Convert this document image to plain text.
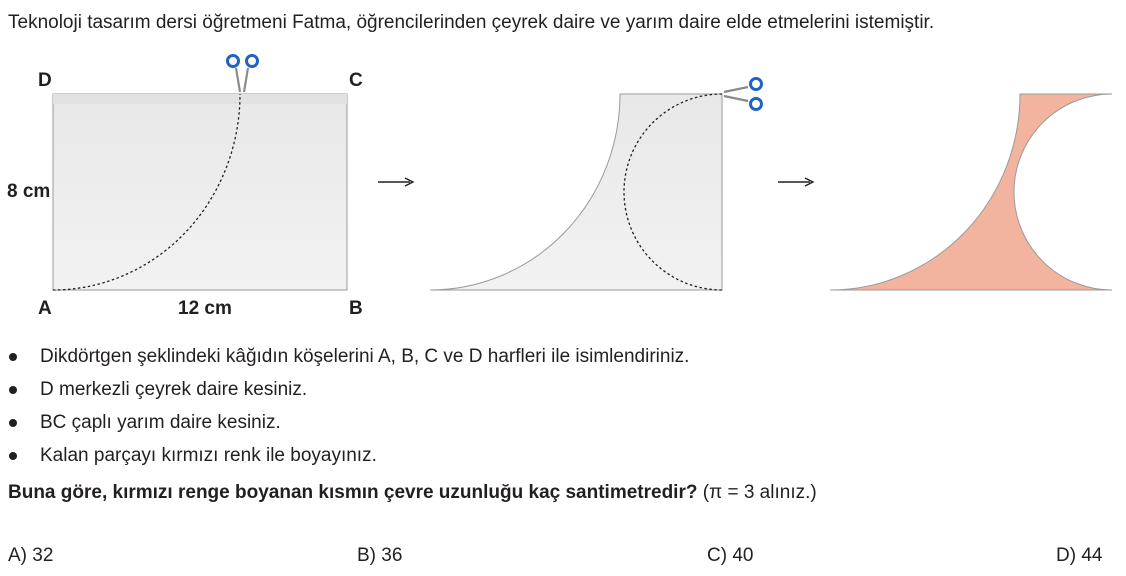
Teknoloji tasarım dersi öğretmeni Fatma, öğrencilerinden çeyrek daire ve yarım daire elde etmelerini istemiştir.
D	C
A	B
8 cm
12 cm
Dikdörtgen şeklindeki kâğıdın köşelerini A, B, C ve D harfleri ile isimlendiriniz.
D merkezli çeyrek daire kesiniz.
BC çaplı yarım daire kesiniz.
Kalan parçayı kırmızı renk ile boyayınız.
Buna göre, kırmızı renge boyanan kısmın çevre uzunluğu kaç santimetredir? (π = 3 alınız.)
A) 32	B) 36	C) 40	D) 44
